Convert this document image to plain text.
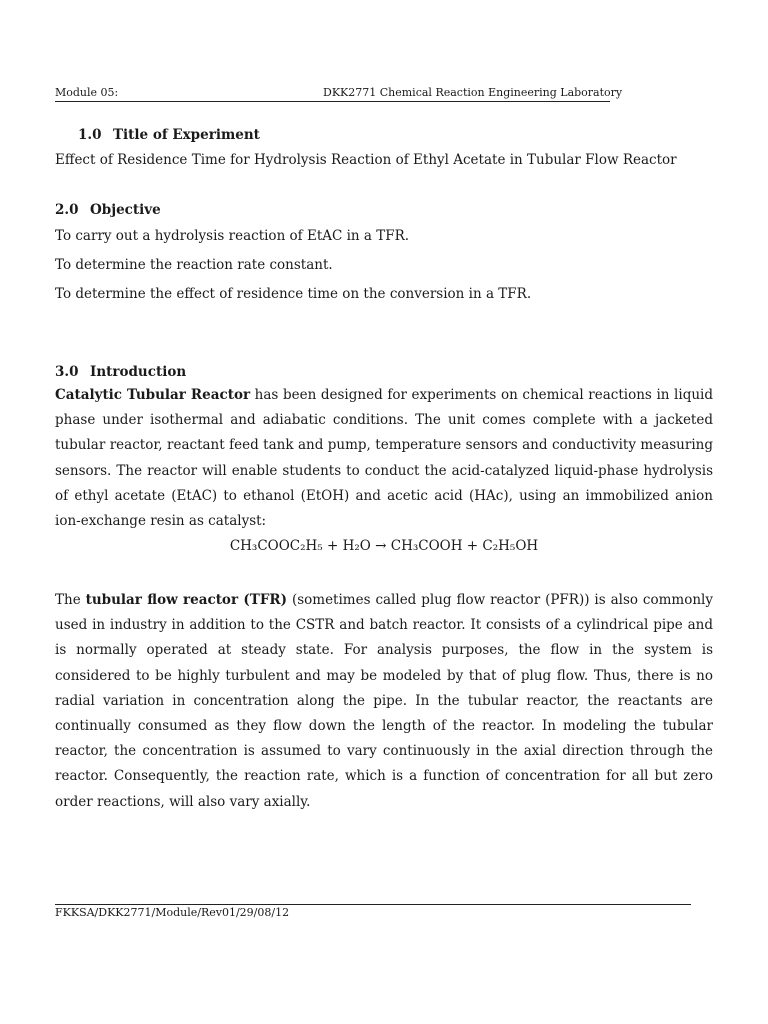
Module 05:	DKK2771 Chemical Reaction Engineering Laboratory
1.0 Title of Experiment
Effect of Residence Time for Hydrolysis Reaction of Ethyl Acetate in Tubular Flow Reactor
2.0 Objective
To carry out a hydrolysis reaction of EtAC in a TFR.
To determine the reaction rate constant.
To determine the effect of residence time on the conversion in a TFR.
3.0 Introduction
Catalytic Tubular Reactor has been designed for experiments on chemical reactions in liquid phase under isothermal and adiabatic conditions. The unit comes complete with a jacketed tubular reactor, reactant feed tank and pump, temperature sensors and conductivity measuring sensors. The reactor will enable students to conduct the acid-catalyzed liquid-phase hydrolysis of ethyl acetate (EtAC) to ethanol (EtOH) and acetic acid (HAc), using an immobilized anion ion-exchange resin as catalyst:
CH₃COOC₂H₅ + H₂O → CH₃COOH + C₂H₅OH
The tubular flow reactor (TFR) (sometimes called plug flow reactor (PFR)) is also commonly used in industry in addition to the CSTR and batch reactor. It consists of a cylindrical pipe and is normally operated at steady state. For analysis purposes, the flow in the system is considered to be highly turbulent and may be modeled by that of plug flow. Thus, there is no radial variation in concentration along the pipe. In the tubular reactor, the reactants are continually consumed as they flow down the length of the reactor. In modeling the tubular reactor, the concentration is assumed to vary continuously in the axial direction through the reactor. Consequently, the reaction rate, which is a function of concentration for all but zero order reactions, will also vary axially.
FKKSA/DKK2771/Module/Rev01/29/08/12
